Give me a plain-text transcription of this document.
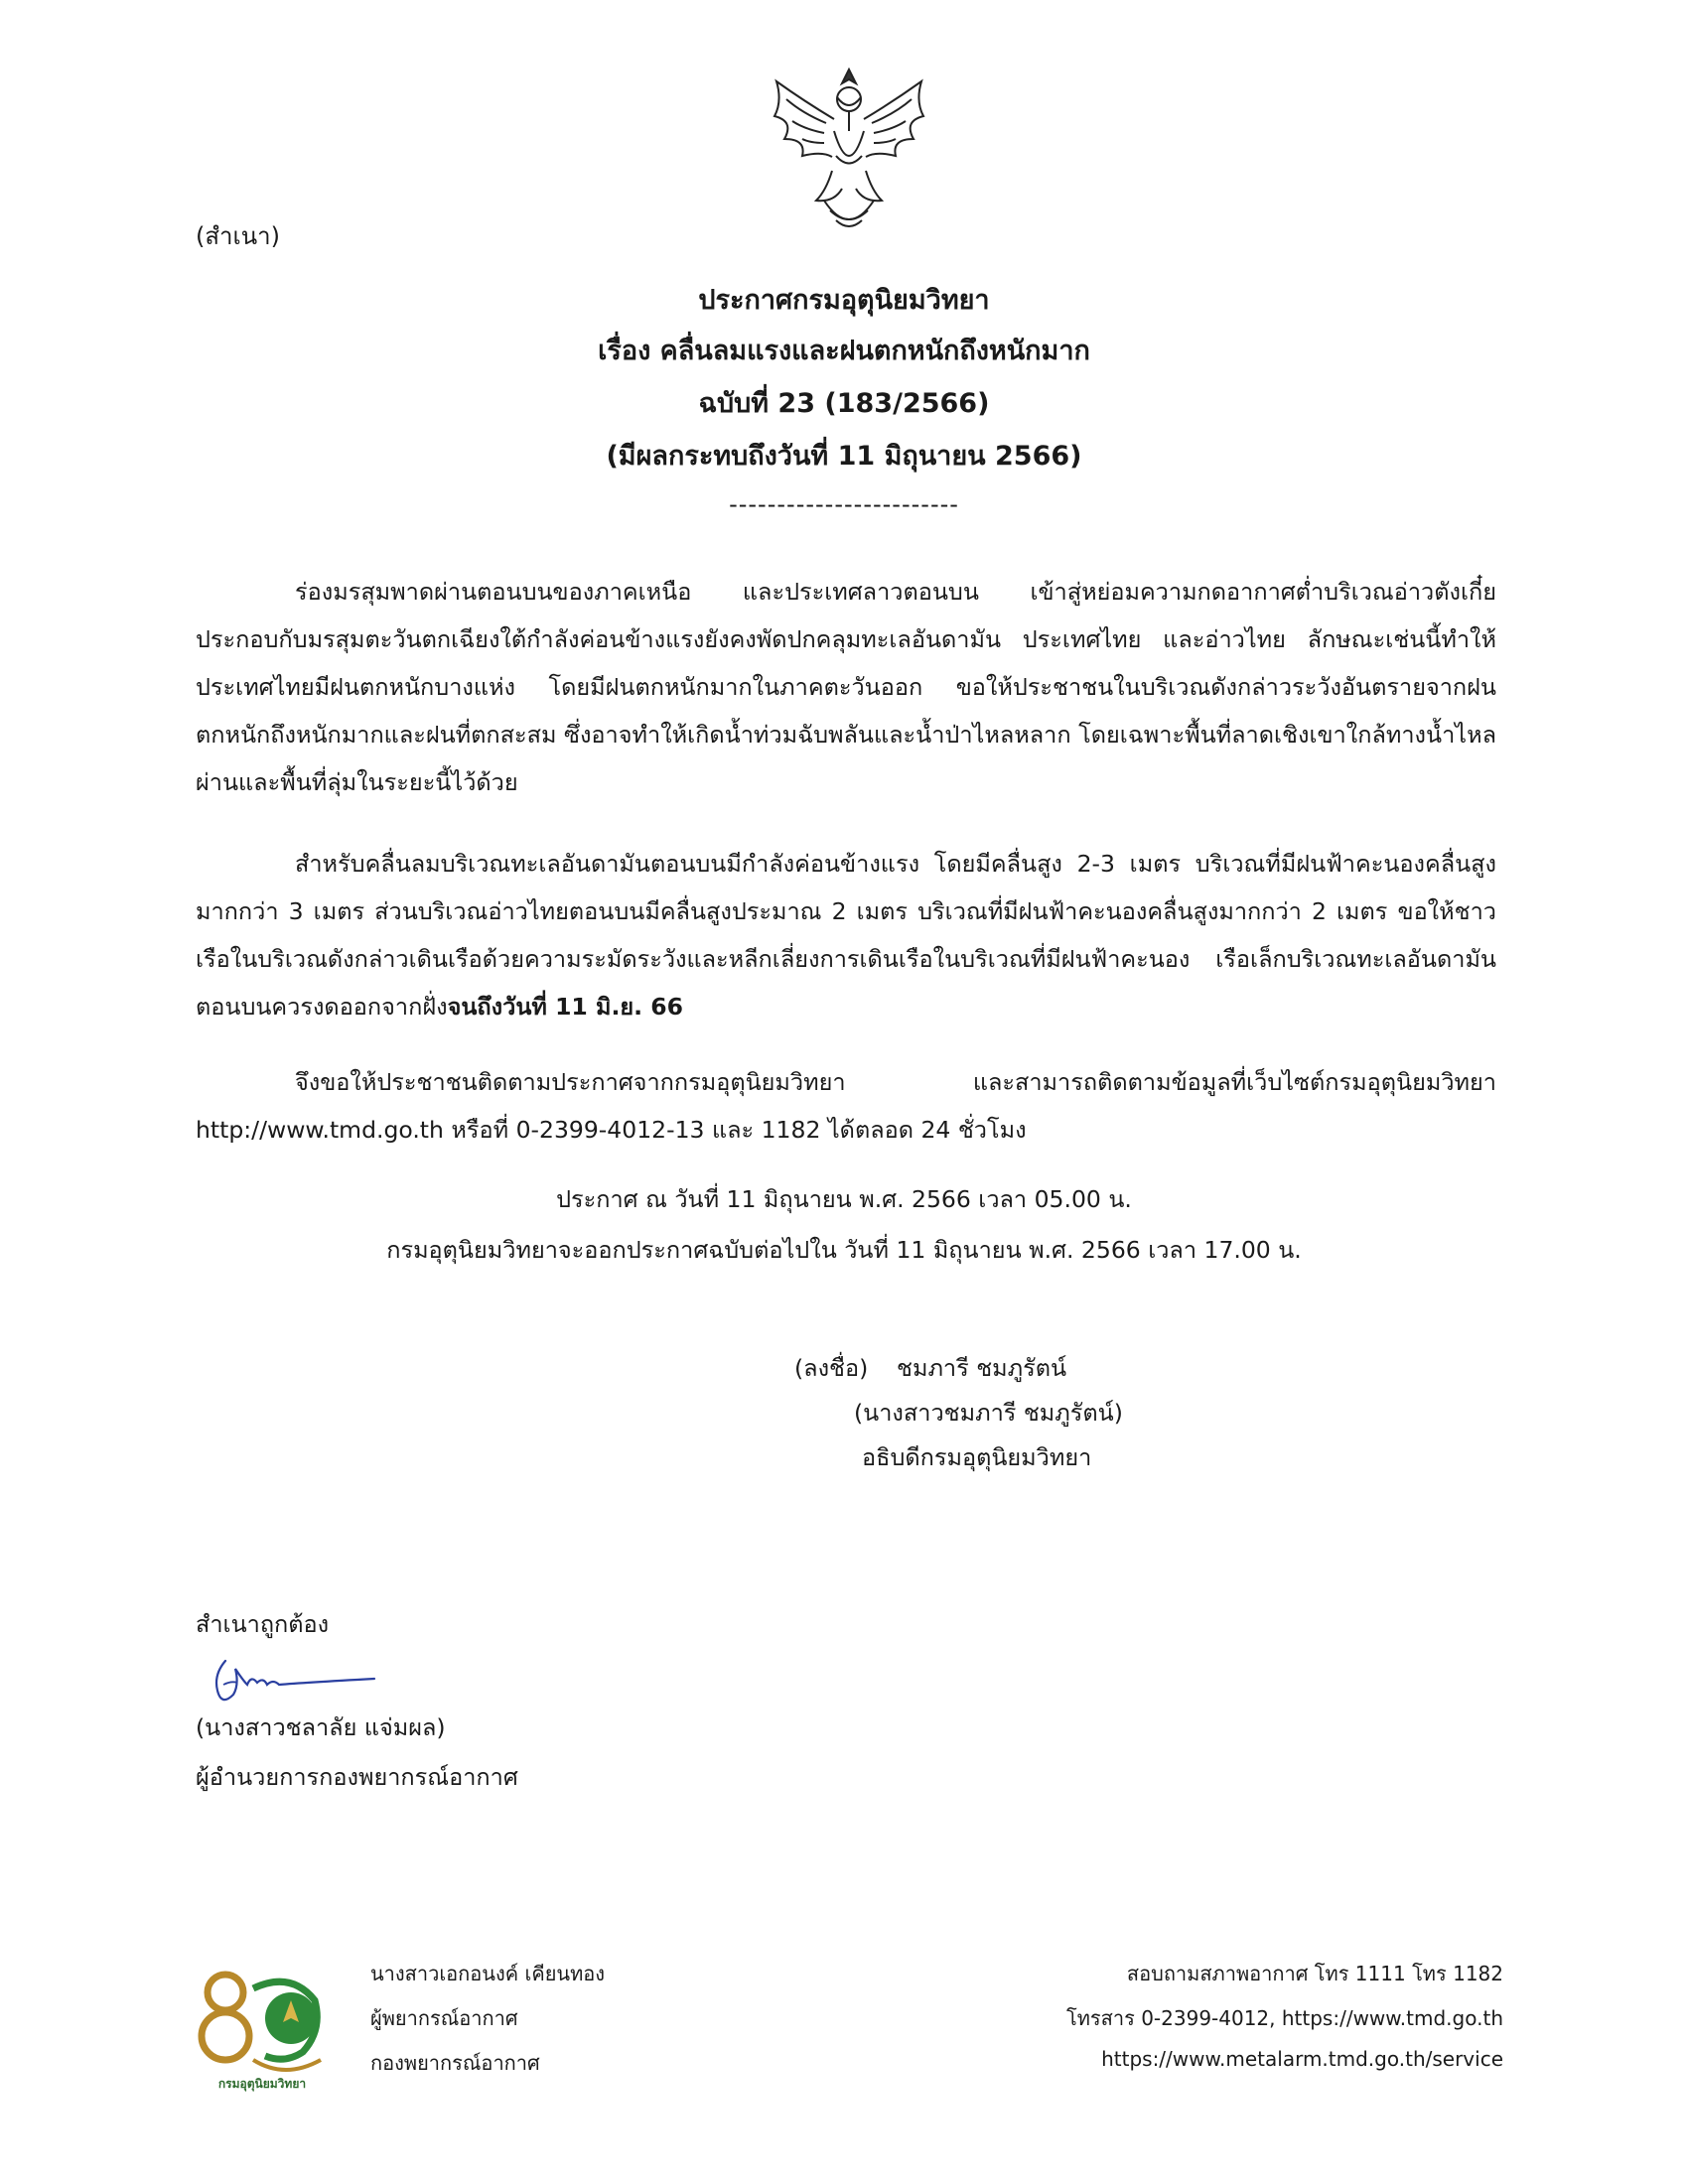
(สำเนา)
ประกาศกรมอุตุนิยมวิทยา
เรื่อง คลื่นลมแรงและฝนตกหนักถึงหนักมาก
ฉบับที่ 23 (183/2566)
(มีผลกระทบถึงวันที่ 11 มิถุนายน 2566)
------------------------

ร่องมรสุมพาดผ่านตอนบนของภาคเหนือ และประเทศลาวตอนบน เข้าสู่หย่อมความกดอากาศต่ำบริเวณอ่าวตังเกี๋ย ประกอบกับมรสุมตะวันตกเฉียงใต้กำลังค่อนข้างแรงยังคงพัดปกคลุมทะเลอันดามัน ประเทศไทย และอ่าวไทย ลักษณะเช่นนี้ทำให้ประเทศไทยมีฝนตกหนักบางแห่ง โดยมีฝนตกหนักมากในภาคตะวันออก ขอให้ประชาชนในบริเวณดังกล่าวระวังอันตรายจากฝนตกหนักถึงหนักมากและฝนที่ตกสะสม ซึ่งอาจทำให้เกิดน้ำท่วมฉับพลันและน้ำป่าไหลหลาก โดยเฉพาะพื้นที่ลาดเชิงเขาใกล้ทางน้ำไหลผ่านและพื้นที่ลุ่มในระยะนี้ไว้ด้วย

สำหรับคลื่นลมบริเวณทะเลอันดามันตอนบนมีกำลังค่อนข้างแรง โดยมีคลื่นสูง 2-3 เมตร บริเวณที่มีฝนฟ้าคะนองคลื่นสูงมากกว่า 3 เมตร ส่วนบริเวณอ่าวไทยตอนบนมีคลื่นสูงประมาณ 2 เมตร บริเวณที่มีฝนฟ้าคะนองคลื่นสูงมากกว่า 2 เมตร ขอให้ชาวเรือในบริเวณดังกล่าวเดินเรือด้วยความระมัดระวังและหลีกเลี่ยงการเดินเรือในบริเวณที่มีฝนฟ้าคะนอง เรือเล็กบริเวณทะเลอันดามันตอนบนควรงดออกจากฝั่งจนถึงวันที่ 11 มิ.ย. 66

จึงขอให้ประชาชนติดตามประกาศจากกรมอุตุนิยมวิทยา และสามารถติดตามข้อมูลที่เว็บไซต์กรมอุตุนิยมวิทยา http://www.tmd.go.th หรือที่ 0-2399-4012-13 และ 1182 ได้ตลอด 24 ชั่วโมง

ประกาศ ณ วันที่ 11 มิถุนายน พ.ศ. 2566 เวลา 05.00 น.
กรมอุตุนิยมวิทยาจะออกประกาศฉบับต่อไปใน วันที่ 11 มิถุนายน พ.ศ. 2566 เวลา 17.00 น.
(ลงชื่อ) ชมภารี ชมภูรัตน์
(นางสาวชมภารี ชมภูรัตน์)
อธิบดีกรมอุตุนิยมวิทยา
สำเนาถูกต้อง
(นางสาวชลาลัย แจ่มผล)
ผู้อำนวยการกองพยากรณ์อากาศ
กรมอุตุนิยมวิทยา
นางสาวเอกอนงค์ เคียนทอง
ผู้พยากรณ์อากาศ
กองพยากรณ์อากาศ
สอบถามสภาพอากาศ โทร 1111 โทร 1182
โทรสาร 0-2399-4012, https://www.tmd.go.th
https://www.metalarm.tmd.go.th/service
